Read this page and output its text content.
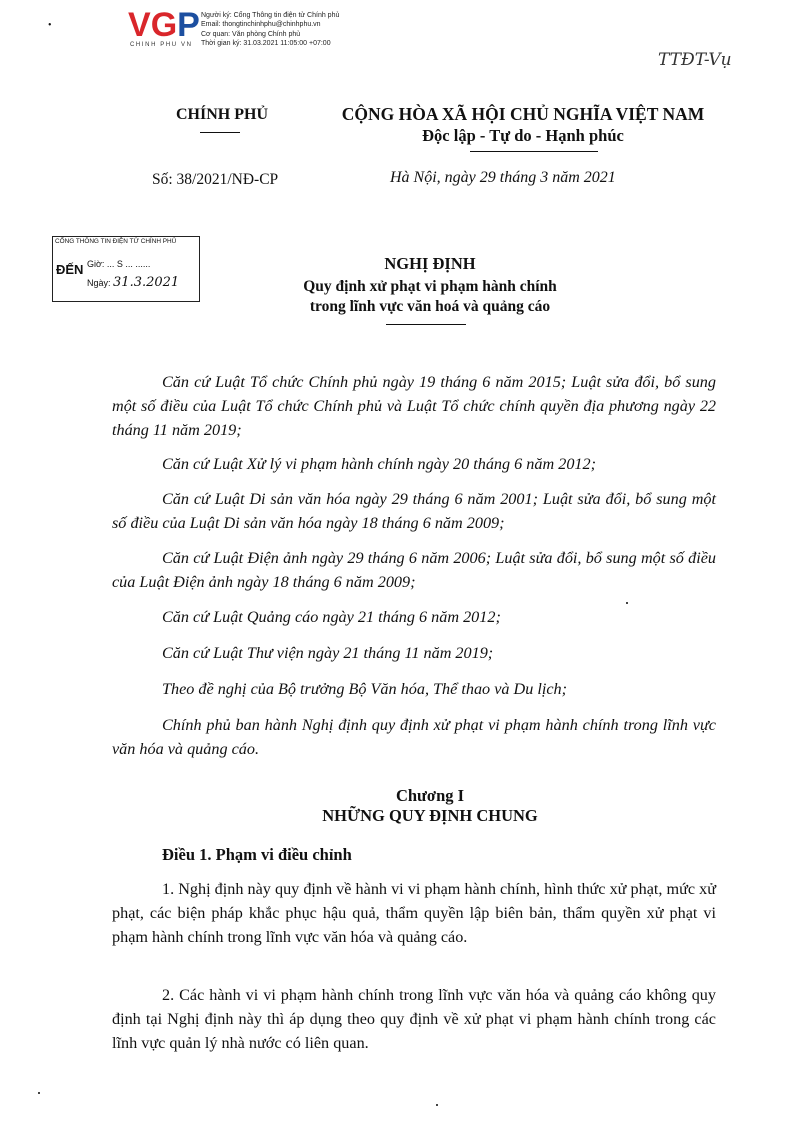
• V G P
CHINH PHU VN
Người ký: Cổng Thông tin điện tử Chính phủ
Email: thongtinchinhphu@chinhphu.vn
Cơ quan: Văn phòng Chính phủ
Thời gian ký: 31.03.2021 11:05:00 +07:00
TTĐT-Vụ
CHÍNH PHỦ	CỘNG HÒA XÃ HỘI CHỦ NGHĨA VIỆT NAM
Độc lập - Tự do - Hạnh phúc
Số: 38/2021/NĐ-CP	Hà Nội, ngày 29 tháng 3 năm 2021
CỔNG THÔNG TIN ĐIỆN TỬ CHÍNH PHỦ
ĐẾN Giờ: ... S ... ......
Ngày: 31.3.2021
NGHỊ ĐỊNH
Quy định xử phạt vi phạm hành chính
trong lĩnh vực văn hoá và quảng cáo
Căn cứ Luật Tổ chức Chính phủ ngày 19 tháng 6 năm 2015; Luật sửa đổi, bổ sung một số điều của Luật Tổ chức Chính phủ và Luật Tổ chức chính quyền địa phương ngày 22 tháng 11 năm 2019;
Căn cứ Luật Xử lý vi phạm hành chính ngày 20 tháng 6 năm 2012;
Căn cứ Luật Di sản văn hóa ngày 29 tháng 6 năm 2001; Luật sửa đổi, bổ sung một số điều của Luật Di sản văn hóa ngày 18 tháng 6 năm 2009;
Căn cứ Luật Điện ảnh ngày 29 tháng 6 năm 2006; Luật sửa đổi, bổ sung một số điều của Luật Điện ảnh ngày 18 tháng 6 năm 2009;
Căn cứ Luật Quảng cáo ngày 21 tháng 6 năm 2012;
Căn cứ Luật Thư viện ngày 21 tháng 11 năm 2019;
Theo đề nghị của Bộ trưởng Bộ Văn hóa, Thể thao và Du lịch;
Chính phủ ban hành Nghị định quy định xử phạt vi phạm hành chính trong lĩnh vực văn hóa và quảng cáo.
Chương I
NHỮNG QUY ĐỊNH CHUNG
Điều 1. Phạm vi điều chỉnh
1. Nghị định này quy định về hành vi vi phạm hành chính, hình thức xử phạt, mức xử phạt, các biện pháp khắc phục hậu quả, thẩm quyền lập biên bản, thẩm quyền xử phạt vi phạm hành chính trong lĩnh vực văn hóa và quảng cáo.
2. Các hành vi vi phạm hành chính trong lĩnh vực văn hóa và quảng cáo không quy định tại Nghị định này thì áp dụng theo quy định về xử phạt vi phạm hành chính trong các lĩnh vực quản lý nhà nước có liên quan.
